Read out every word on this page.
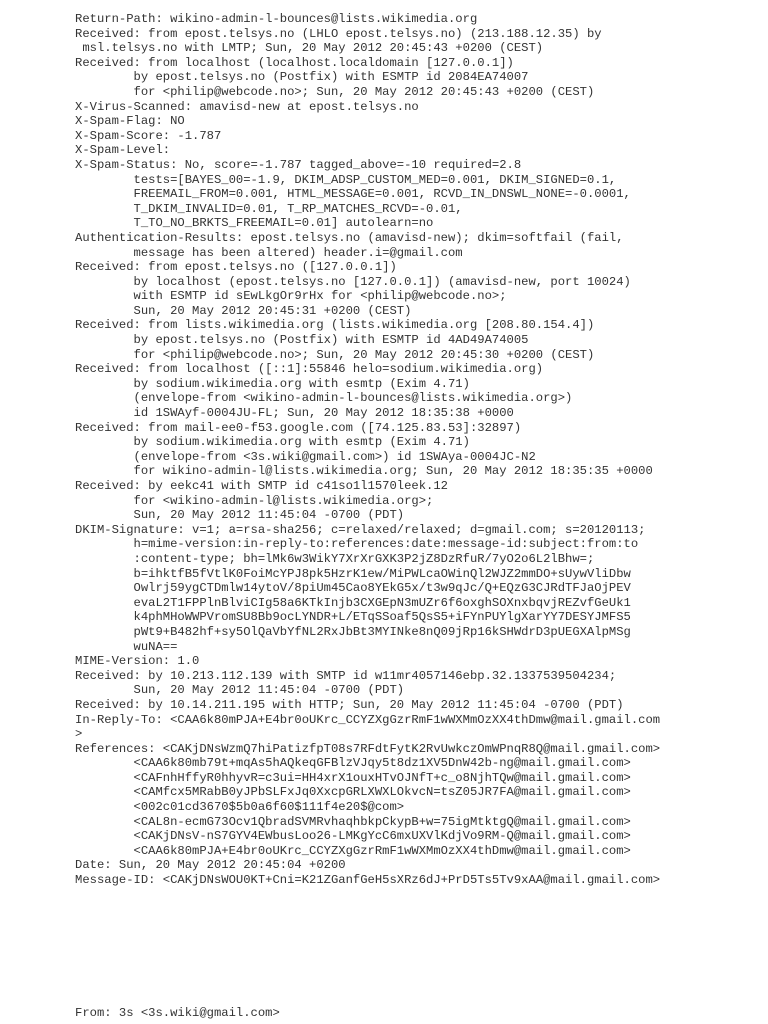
Return-Path: wikino-admin-l-bounces@lists.wikimedia.org
Received: from epost.telsys.no (LHLO epost.telsys.no) (213.188.12.35) by
msl.telsys.no with LMTP; Sun, 20 May 2012 20:45:43 +0200 (CEST)
Received: from localhost (localhost.localdomain [127.0.0.1])
by epost.telsys.no (Postfix) with ESMTP id 2084EA74007
for <philip@webcode.no>; Sun, 20 May 2012 20:45:43 +0200 (CEST)
X-Virus-Scanned: amavisd-new at epost.telsys.no
X-Spam-Flag: NO
X-Spam-Score: -1.787
X-Spam-Level:
X-Spam-Status: No, score=-1.787 tagged_above=-10 required=2.8
tests=[BAYES_00=-1.9, DKIM_ADSP_CUSTOM_MED=0.001, DKIM_SIGNED=0.1,
FREEMAIL_FROM=0.001, HTML_MESSAGE=0.001, RCVD_IN_DNSWL_NONE=-0.0001,
T_DKIM_INVALID=0.01, T_RP_MATCHES_RCVD=-0.01,
T_TO_NO_BRKTS_FREEMAIL=0.01] autolearn=no
Authentication-Results: epost.telsys.no (amavisd-new); dkim=softfail (fail,
message has been altered) header.i=@gmail.com
Received: from epost.telsys.no ([127.0.0.1])
by localhost (epost.telsys.no [127.0.0.1]) (amavisd-new, port 10024)
with ESMTP id sEwLkgOr9rHx for <philip@webcode.no>;
Sun, 20 May 2012 20:45:31 +0200 (CEST)
Received: from lists.wikimedia.org (lists.wikimedia.org [208.80.154.4])
by epost.telsys.no (Postfix) with ESMTP id 4AD49A74005
for <philip@webcode.no>; Sun, 20 May 2012 20:45:30 +0200 (CEST)
Received: from localhost ([::1]:55846 helo=sodium.wikimedia.org)
by sodium.wikimedia.org with esmtp (Exim 4.71)
(envelope-from <wikino-admin-l-bounces@lists.wikimedia.org>)
id 1SWAyf-0004JU-FL; Sun, 20 May 2012 18:35:38 +0000
Received: from mail-ee0-f53.google.com ([74.125.83.53]:32897)
by sodium.wikimedia.org with esmtp (Exim 4.71)
(envelope-from <3s.wiki@gmail.com>) id 1SWAya-0004JC-N2
for wikino-admin-l@lists.wikimedia.org; Sun, 20 May 2012 18:35:35 +0000
Received: by eekc41 with SMTP id c41so1l1570leek.12
for <wikino-admin-l@lists.wikimedia.org>;
Sun, 20 May 2012 11:45:04 -0700 (PDT)
DKIM-Signature: v=1; a=rsa-sha256; c=relaxed/relaxed; d=gmail.com; s=20120113;
h=mime-version:in-reply-to:references:date:message-id:subject:from:to
:content-type; bh=lMk6w3WikY7XrXrGXK3P2jZ8DzRfuR/7yO2o6L2lBhw=;
b=ihktfB5fVtlK0FoiMcYPJ8pk5HzrK1ew/MiPWLcaOWinQl2WJZ2mmDO+sUywVliDbw
Owlrj59ygCTDmlw14ytoV/8piUm45Cao8YEkG5x/t3w9qJc/Q+EQzG3CJRdTFJaOjPEV
evaL2T1FPPlnBlviCIg58a6KTkInjb3CXGEpN3mUZr6f6oxghSOXnxbqvjREZvfGeUk1
k4phMHoWWPVromSU8Bb9ocLYNDR+L/ETqSSoaf5QsS5+iFYnPUYlgXarYY7DESYJMFS5
pWt9+B482hf+sy5OlQaVbYfNL2RxJbBt3MYINke8nQ09jRp16kSHWdrD3pUEGXAlpMSg
wuNA==
MIME-Version: 1.0
Received: by 10.213.112.139 with SMTP id w11mr4057146ebp.32.1337539504234;
Sun, 20 May 2012 11:45:04 -0700 (PDT)
Received: by 10.14.211.195 with HTTP; Sun, 20 May 2012 11:45:04 -0700 (PDT)
In-Reply-To: <CAA6k80mPJA+E4br0oUKrc_CCYZXgGzrRmF1wWXMmOzXX4thDmw@mail.gmail.com
>
References: <CAKjDNsWzmQ7hiPatizfpT08s7RFdtFytK2RvUwkczOmWPnqR8Q@mail.gmail.com>
<CAA6k80mb79t+mqAs5hAQkeqGFBlzVJqy5t8dz1XV5DnW42b-ng@mail.gmail.com>
<CAFnhHffyR0hhyvR=c3ui=HH4xrX1ouxHTvOJNfT+c_o8NjhTQw@mail.gmail.com>
<CAMfcx5MRabB0yJPbSLFxJq0XxcpGRLXWXLOkvcN=tsZ05JR7FA@mail.gmail.com>
<002c01cd3670$5b0a6f60$111f4e20$@com>
<CAL8n-ecmG73Ocv1QbradSVMRvhaqhbkpCkypB+w=75igMtktgQ@mail.gmail.com>
<CAKjDNsV-nS7GYV4EWbusLoo26-LMKgYcC6mxUXVlKdjVo9RM-Q@mail.gmail.com>
<CAA6k80mPJA+E4br0oUKrc_CCYZXgGzrRmF1wWXMmOzXX4thDmw@mail.gmail.com>
Date: Sun, 20 May 2012 20:45:04 +0200
Message-ID: <CAKjDNsWOU0KT+Cni=K21ZGanfGeH5sXRz6dJ+PrD5Ts5Tv9xAA@mail.gmail.com>
From: 3s <3s.wiki@gmail.com>
